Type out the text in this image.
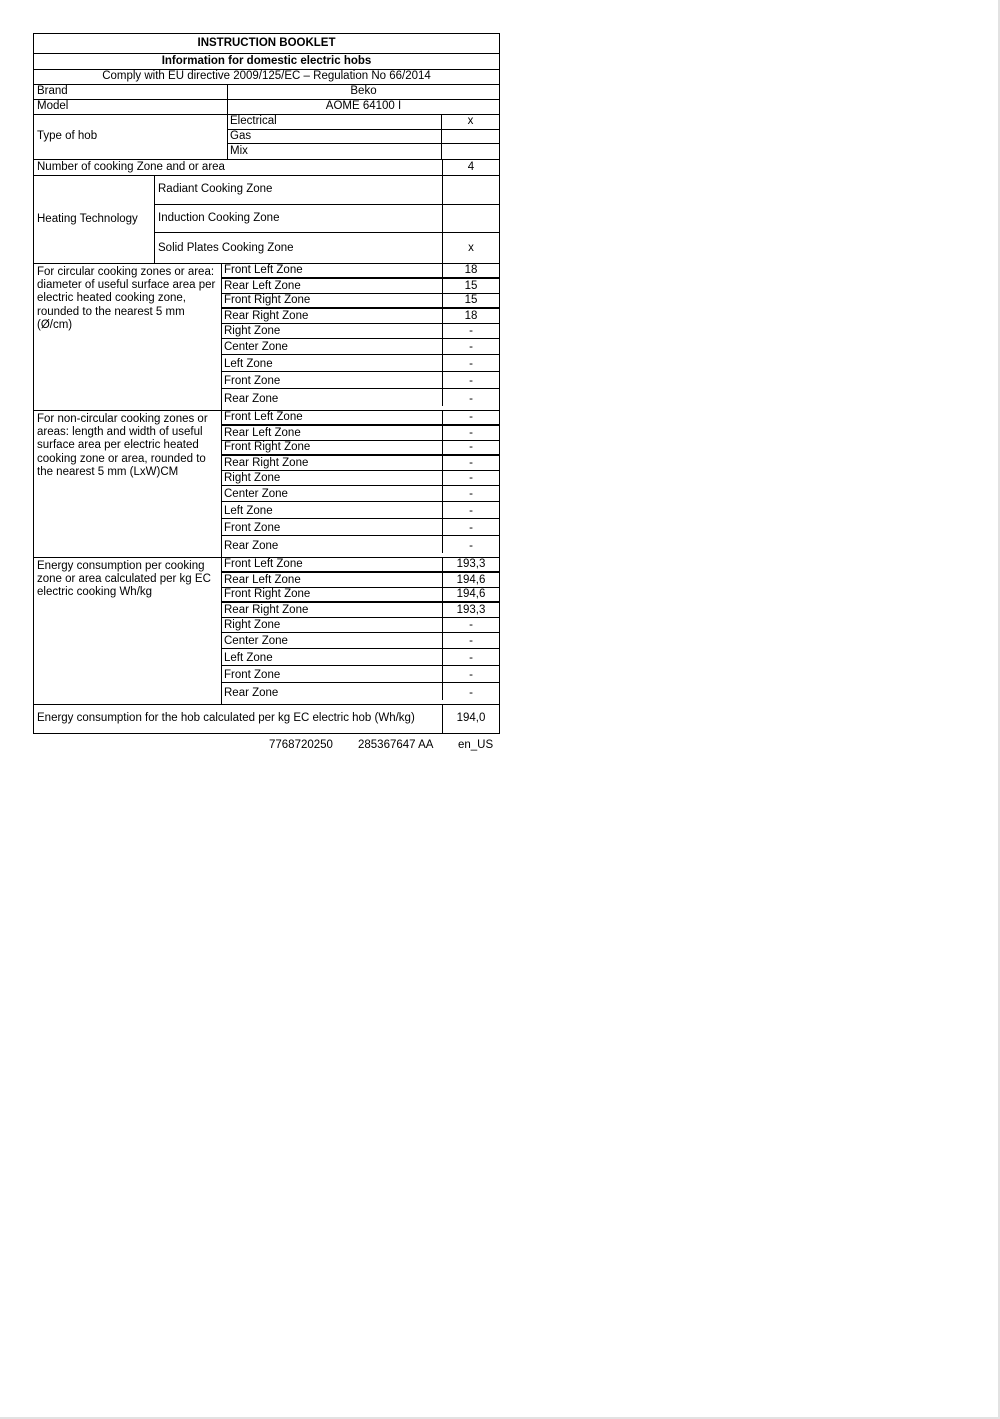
INSTRUCTION BOOKLET
Information for domestic electric hobs
Comply with EU directive 2009/125/EC – Regulation No 66/2014
Brand	Beko
Model	AOME 64100 I
Type of hob
Electrical	x
Gas
Mix
Number of cooking Zone and or area	4
Heating Technology
Radiant Cooking Zone
Induction Cooking Zone
Solid Plates Cooking Zone	x
For circular cooking zones or area: diameter of useful surface area per electric heated cooking zone, rounded to the nearest 5 mm (Ø/cm)
Front Left Zone	18
Rear Left Zone	15
Front Right Zone	15
Rear Right Zone	18
Right Zone	-
Center Zone	-
Left Zone	-
Front Zone	-
Rear Zone	-
For non-circular cooking zones or areas: length and width of useful surface area per electric heated cooking zone or area, rounded to the nearest 5 mm (LxW)CM
Front Left Zone	-
Rear Left Zone	-
Front Right Zone	-
Rear Right Zone	-
Right Zone	-
Center Zone	-
Left Zone	-
Front Zone	-
Rear Zone	-
Energy consumption per cooking zone or area calculated per kg EC electric cooking Wh/kg
Front Left Zone	193,3
Rear Left Zone	194,6
Front Right Zone	194,6
Rear Right Zone	193,3
Right Zone	-
Center Zone	-
Left Zone	-
Front Zone	-
Rear Zone	-
Energy consumption for the hob calculated per kg EC electric hob (Wh/kg)	194,0
7768720250 285367647 AA en_US
